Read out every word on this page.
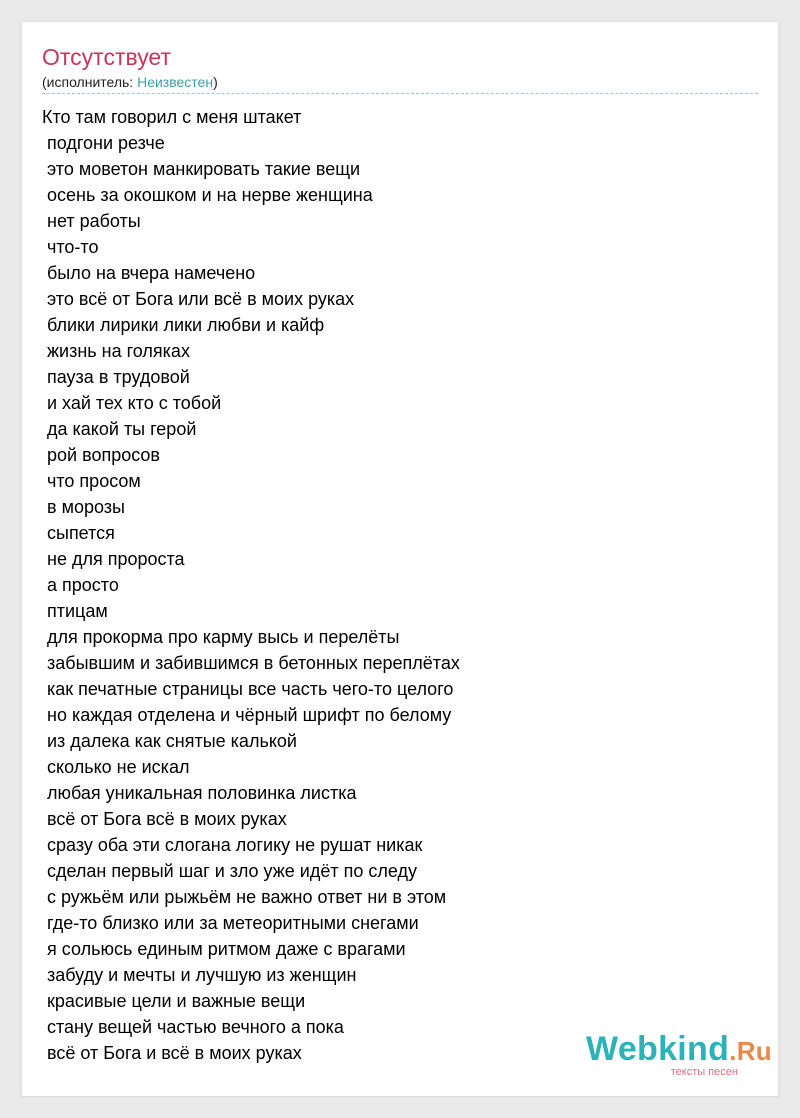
Отсутствует
(исполнитель: Неизвестен)
Кто там говорил с меня штакет
подгони резче
это моветон манкировать такие вещи
осень за окошком и на нерве женщина
нет работы
что-то
было на вчера намечено
это всё от Бога или всё в моих руках
блики лирики лики любви и кайф
жизнь на голяках
пауза в трудовой
и хай тех кто с тобой
да какой ты герой
рой вопросов
что просом
в морозы
сыпется
не для пророста
а просто
птицам
для прокорма про карму высь и перелёты
забывшим и забившимся в бетонных переплётах
как печатные страницы все часть чего-то целого
но каждая отделена и чёрный шрифт по белому
из далека как снятые калькой
сколько не искал
любая уникальная половинка листка
всё от Бога всё в моих руках
сразу оба эти слогана логику не рушат никак
сделан первый шаг и зло уже идёт по следу
с ружьём или рыжьём не важно ответ ни в этом
где-то близко или за метеоритными снегами
я сольюсь единым ритмом даже с врагами
забуду и мечты и лучшую из женщин
красивые цели и важные вещи
стану вещей частью вечного а пока
всё от Бога и всё в моих руках	Webkind.Ru
тексты песен
